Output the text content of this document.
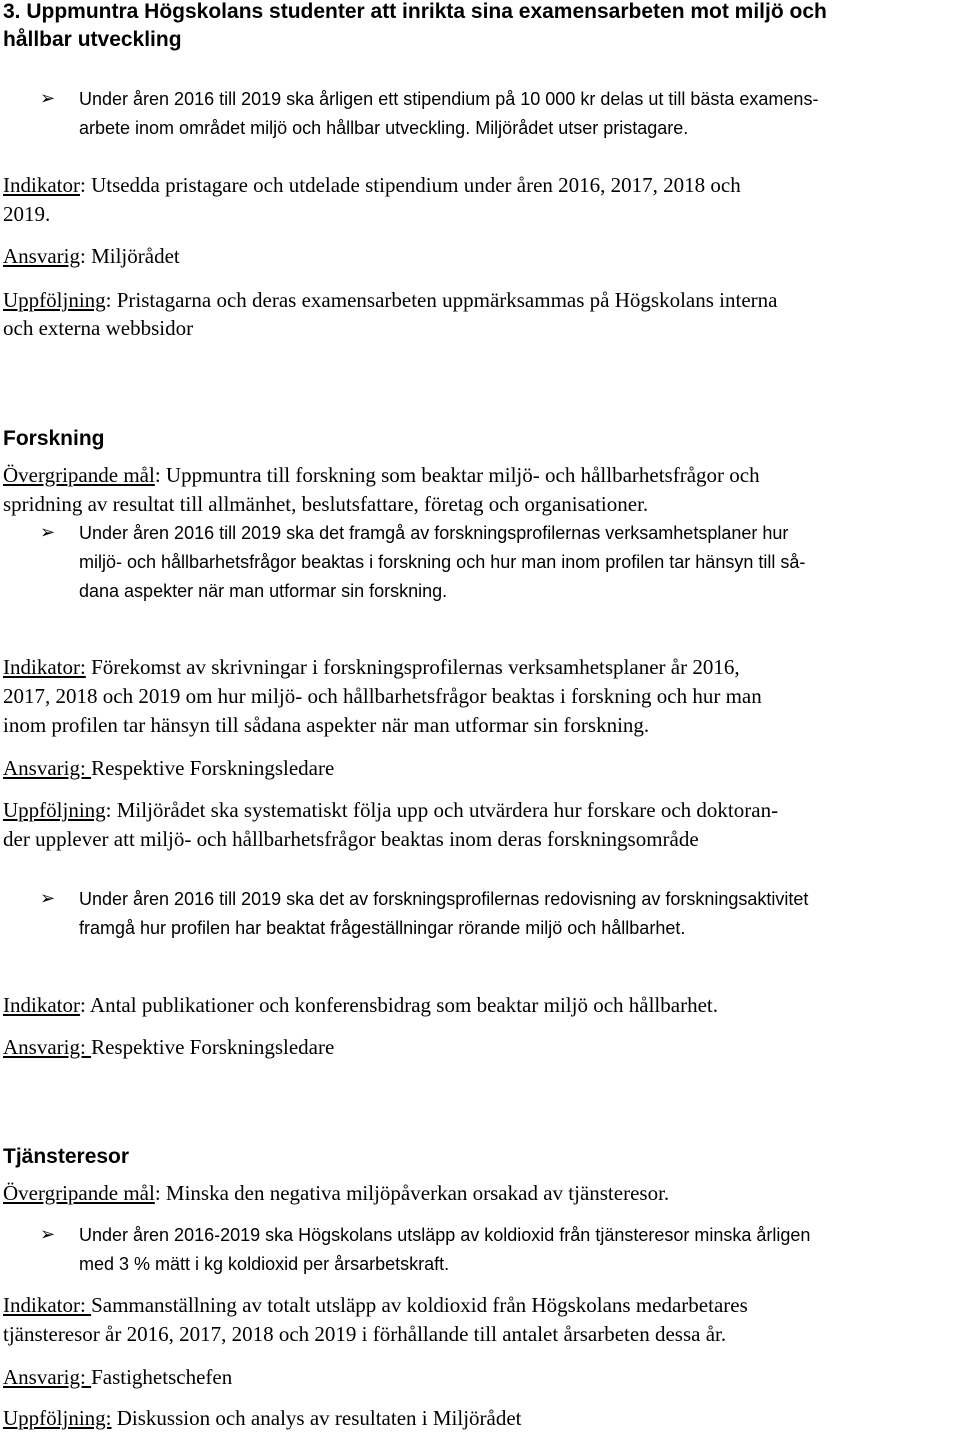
3. Uppmuntra Högskolans studenter att inrikta sina examensarbeten mot miljö och
hållbar utveckling
➢ Under åren 2016 till 2019 ska årligen ett stipendium på 10 000 kr delas ut till bästa examens-
arbete inom området miljö och hållbar utveckling. Miljörådet utser pristagare.
Indikator: Utsedda pristagare och utdelade stipendium under åren 2016, 2017, 2018 och
2019.
Ansvarig: Miljörådet
Uppföljning: Pristagarna och deras examensarbeten uppmärksammas på Högskolans interna
och externa webbsidor
Forskning
Övergripande mål: Uppmuntra till forskning som beaktar miljö- och hållbarhetsfrågor och
spridning av resultat till allmänhet, beslutsfattare, företag och organisationer.
➢ Under åren 2016 till 2019 ska det framgå av forskningsprofilernas verksamhetsplaner hur
miljö- och hållbarhetsfrågor beaktas i forskning och hur man inom profilen tar hänsyn till så-
dana aspekter när man utformar sin forskning.
Indikator: Förekomst av skrivningar i forskningsprofilernas verksamhetsplaner år 2016,
2017, 2018 och 2019 om hur miljö- och hållbarhetsfrågor beaktas i forskning och hur man
inom profilen tar hänsyn till sådana aspekter när man utformar sin forskning.
Ansvarig: Respektive Forskningsledare
Uppföljning: Miljörådet ska systematiskt följa upp och utvärdera hur forskare och doktoran-
der upplever att miljö- och hållbarhetsfrågor beaktas inom deras forskningsområde
➢ Under åren 2016 till 2019 ska det av forskningsprofilernas redovisning av forskningsaktivitet
framgå hur profilen har beaktat frågeställningar rörande miljö och hållbarhet.
Indikator: Antal publikationer och konferensbidrag som beaktar miljö och hållbarhet.
Ansvarig: Respektive Forskningsledare
Tjänsteresor
Övergripande mål: Minska den negativa miljöpåverkan orsakad av tjänsteresor.
➢ Under åren 2016-2019 ska Högskolans utsläpp av koldioxid från tjänsteresor minska årligen
med 3 % mätt i kg koldioxid per årsarbetskraft.
Indikator: Sammanställning av totalt utsläpp av koldioxid från Högskolans medarbetares
tjänsteresor år 2016, 2017, 2018 och 2019 i förhållande till antalet årsarbeten dessa år.
Ansvarig: Fastighetschefen
Uppföljning: Diskussion och analys av resultaten i Miljörådet
